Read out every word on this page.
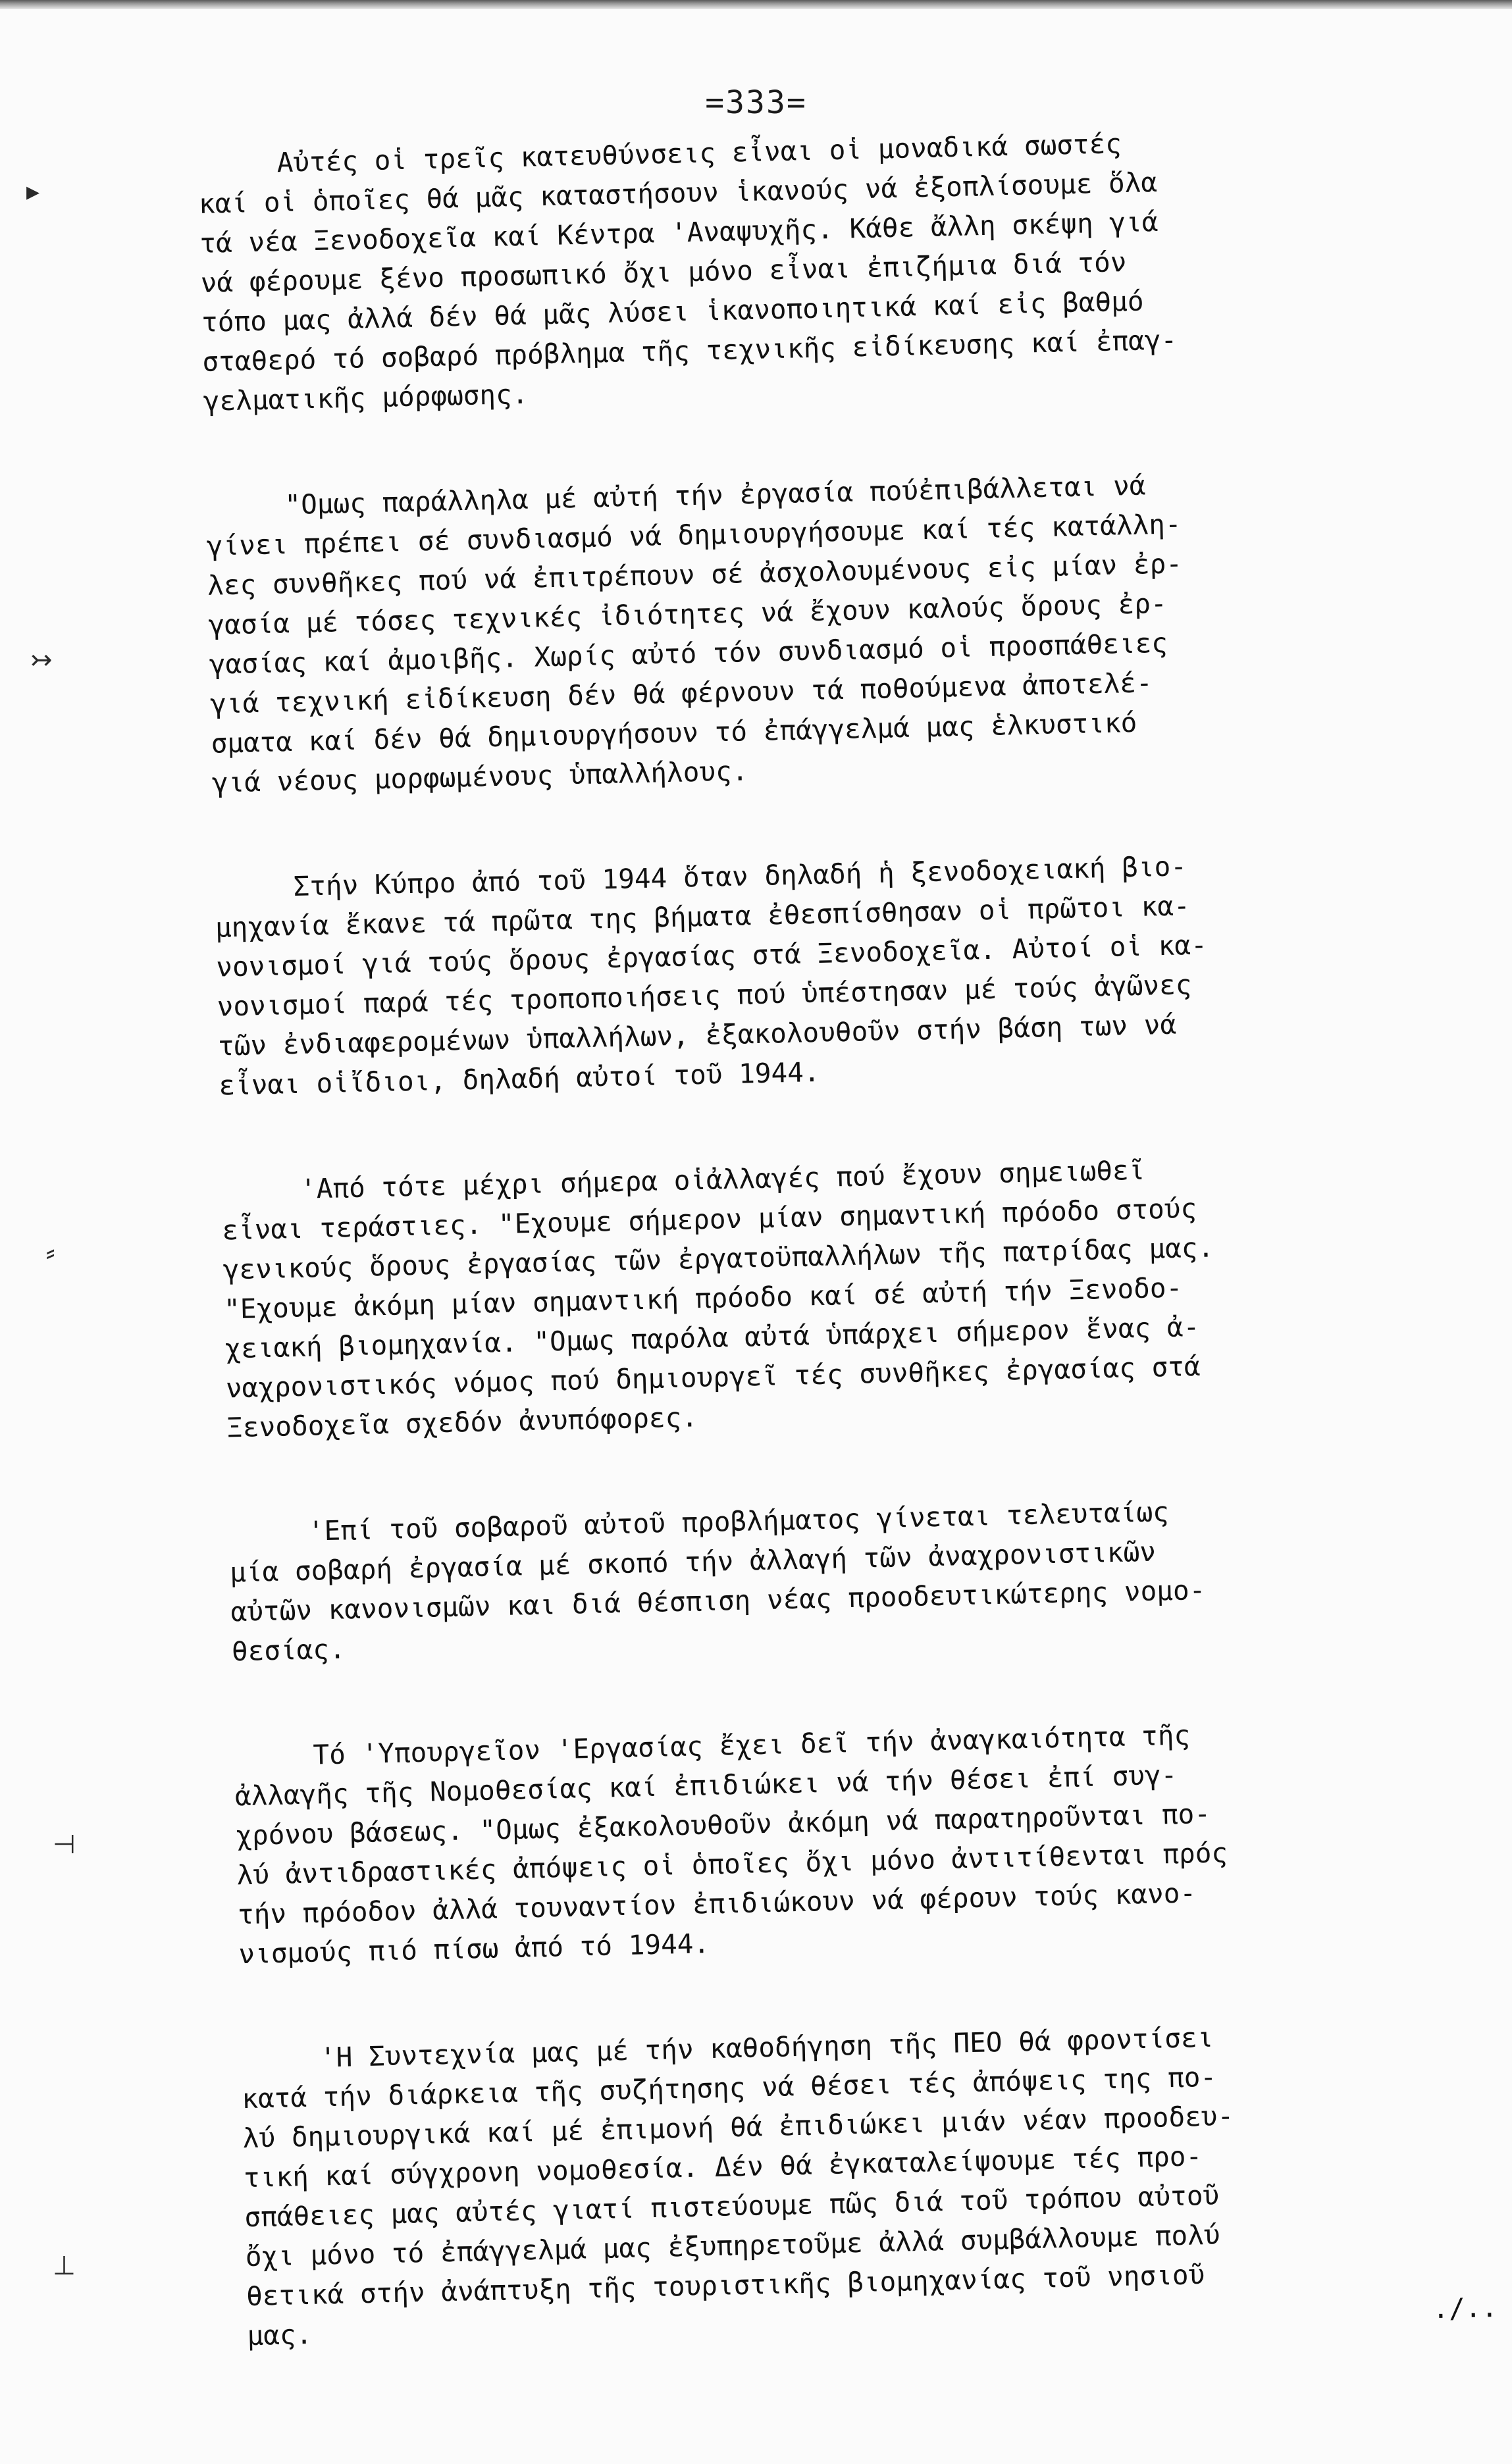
=333=
▸
↣
⸗
⊣
⊥
Αὐτές οἱ τρεῖς κατευθύνσεις εἶναι οἱ μοναδικά σωστές
καί οἱ ὁποῖες θά μᾶς καταστήσουν ἱκανούς νά ἐξοπλίσουμε ὅλα
τά νέα Ξενοδοχεῖα καί Κέντρα 'Αναψυχῆς. Κάθε ἄλλη σκέψη γιά
νά φέρουμε ξένο προσωπικό ὄχι μόνο εἶναι ἐπιζήμια διά τόν
τόπο μας ἀλλά δέν θά μᾶς λύσει ἱκανοποιητικά καί εἰς βαθμό
σταθερό τό σοβαρό πρόβλημα τῆς τεχνικῆς εἰδίκευσης καί ἐπαγ-
γελματικῆς μόρφωσης.
"Ομως παράλληλα μέ αὐτή τήν ἐργασία πούἐπιβάλλεται νά
γίνει πρέπει σέ συνδιασμό νά δημιουργήσουμε καί τές κατάλλη-
λες συνθῆκες πού νά ἐπιτρέπουν σέ ἀσχολουμένους εἰς μίαν ἐρ-
γασία μέ τόσες τεχνικές ἰδιότητες νά ἔχουν καλούς ὅρους ἐρ-
γασίας καί ἀμοιβῆς. Χωρίς αὐτό τόν συνδιασμό οἱ προσπάθειες
γιά τεχνική εἰδίκευση δέν θά φέρνουν τά ποθούμενα ἀποτελέ-
σματα καί δέν θά δημιουργήσουν τό ἐπάγγελμά μας ἑλκυστικό
γιά νέους μορφωμένους ὑπαλλήλους.
Στήν Κύπρο ἀπό τοῦ 1944 ὅταν δηλαδή ἡ ξενοδοχειακή βιο-
μηχανία ἔκανε τά πρῶτα της βήματα ἐθεσπίσθησαν οἱ πρῶτοι κα-
νονισμοί γιά τούς ὅρους ἐργασίας στά Ξενοδοχεῖα. Αὐτοί οἱ κα-
νονισμοί παρά τές τροποποιήσεις πού ὑπέστησαν μέ τούς ἀγῶνες
τῶν ἐνδιαφερομένων ὑπαλλήλων, ἐξακολουθοῦν στήν βάση των νά
εἶναι οἱἴδιοι, δηλαδή αὐτοί τοῦ 1944.
'Από τότε μέχρι σήμερα οἱἀλλαγές πού ἔχουν σημειωθεῖ
εἶναι τεράστιες. "Εχουμε σήμερον μίαν σημαντική πρόοδο στούς
γενικούς ὅρους ἐργασίας τῶν ἐργατοϋπαλλήλων τῆς πατρίδας μας.
"Εχουμε ἀκόμη μίαν σημαντική πρόοδο καί σέ αὐτή τήν Ξενοδο-
χειακή βιομηχανία. "Ομως παρόλα αὐτά ὑπάρχει σήμερον ἕνας ἀ-
ναχρονιστικός νόμος πού δημιουργεῖ τές συνθῆκες ἐργασίας στά
Ξενοδοχεῖα σχεδόν ἀνυπόφορες.
'Επί τοῦ σοβαροῦ αὐτοῦ προβλήματος γίνεται τελευταίως
μία σοβαρή ἐργασία μέ σκοπό τήν ἀλλαγή τῶν ἀναχρονιστικῶν
αὐτῶν κανονισμῶν και διά θέσπιση νέας προοδευτικώτερης νομο-
θεσίας.
Τό 'Υπουργεῖον 'Εργασίας ἔχει δεῖ τήν ἀναγκαιότητα τῆς
ἀλλαγῆς τῆς Νομοθεσίας καί ἐπιδιώκει νά τήν θέσει ἐπί συγ-
χρόνου βάσεως. "Ομως ἐξακολουθοῦν ἀκόμη νά παρατηροῦνται πο-
λύ ἀντιδραστικές ἀπόψεις οἱ ὁποῖες ὄχι μόνο ἀντιτίθενται πρός
τήν πρόοδον ἀλλά τουναντίον ἐπιδιώκουν νά φέρουν τούς κανο-
νισμούς πιό πίσω ἀπό τό 1944.
'Η Συντεχνία μας μέ τήν καθοδήγηση τῆς ΠΕΟ θά φροντίσει
κατά τήν διάρκεια τῆς συζήτησης νά θέσει τές ἀπόψεις της πο-
λύ δημιουργικά καί μέ ἐπιμονή θά ἐπιδιώκει μιάν νέαν προοδευ-
τική καί σύγχρονη νομοθεσία. Δέν θά ἐγκαταλείψουμε τές προ-
σπάθειες μας αὐτές γιατί πιστεύουμε πῶς διά τοῦ τρόπου αὐτοῦ
ὄχι μόνο τό ἐπάγγελμά μας ἐξυπηρετοῦμε ἀλλά συμβάλλουμε πολύ
θετικά στήν ἀνάπτυξη τῆς τουριστικῆς βιομηχανίας τοῦ νησιοῦ
μας.
./..
